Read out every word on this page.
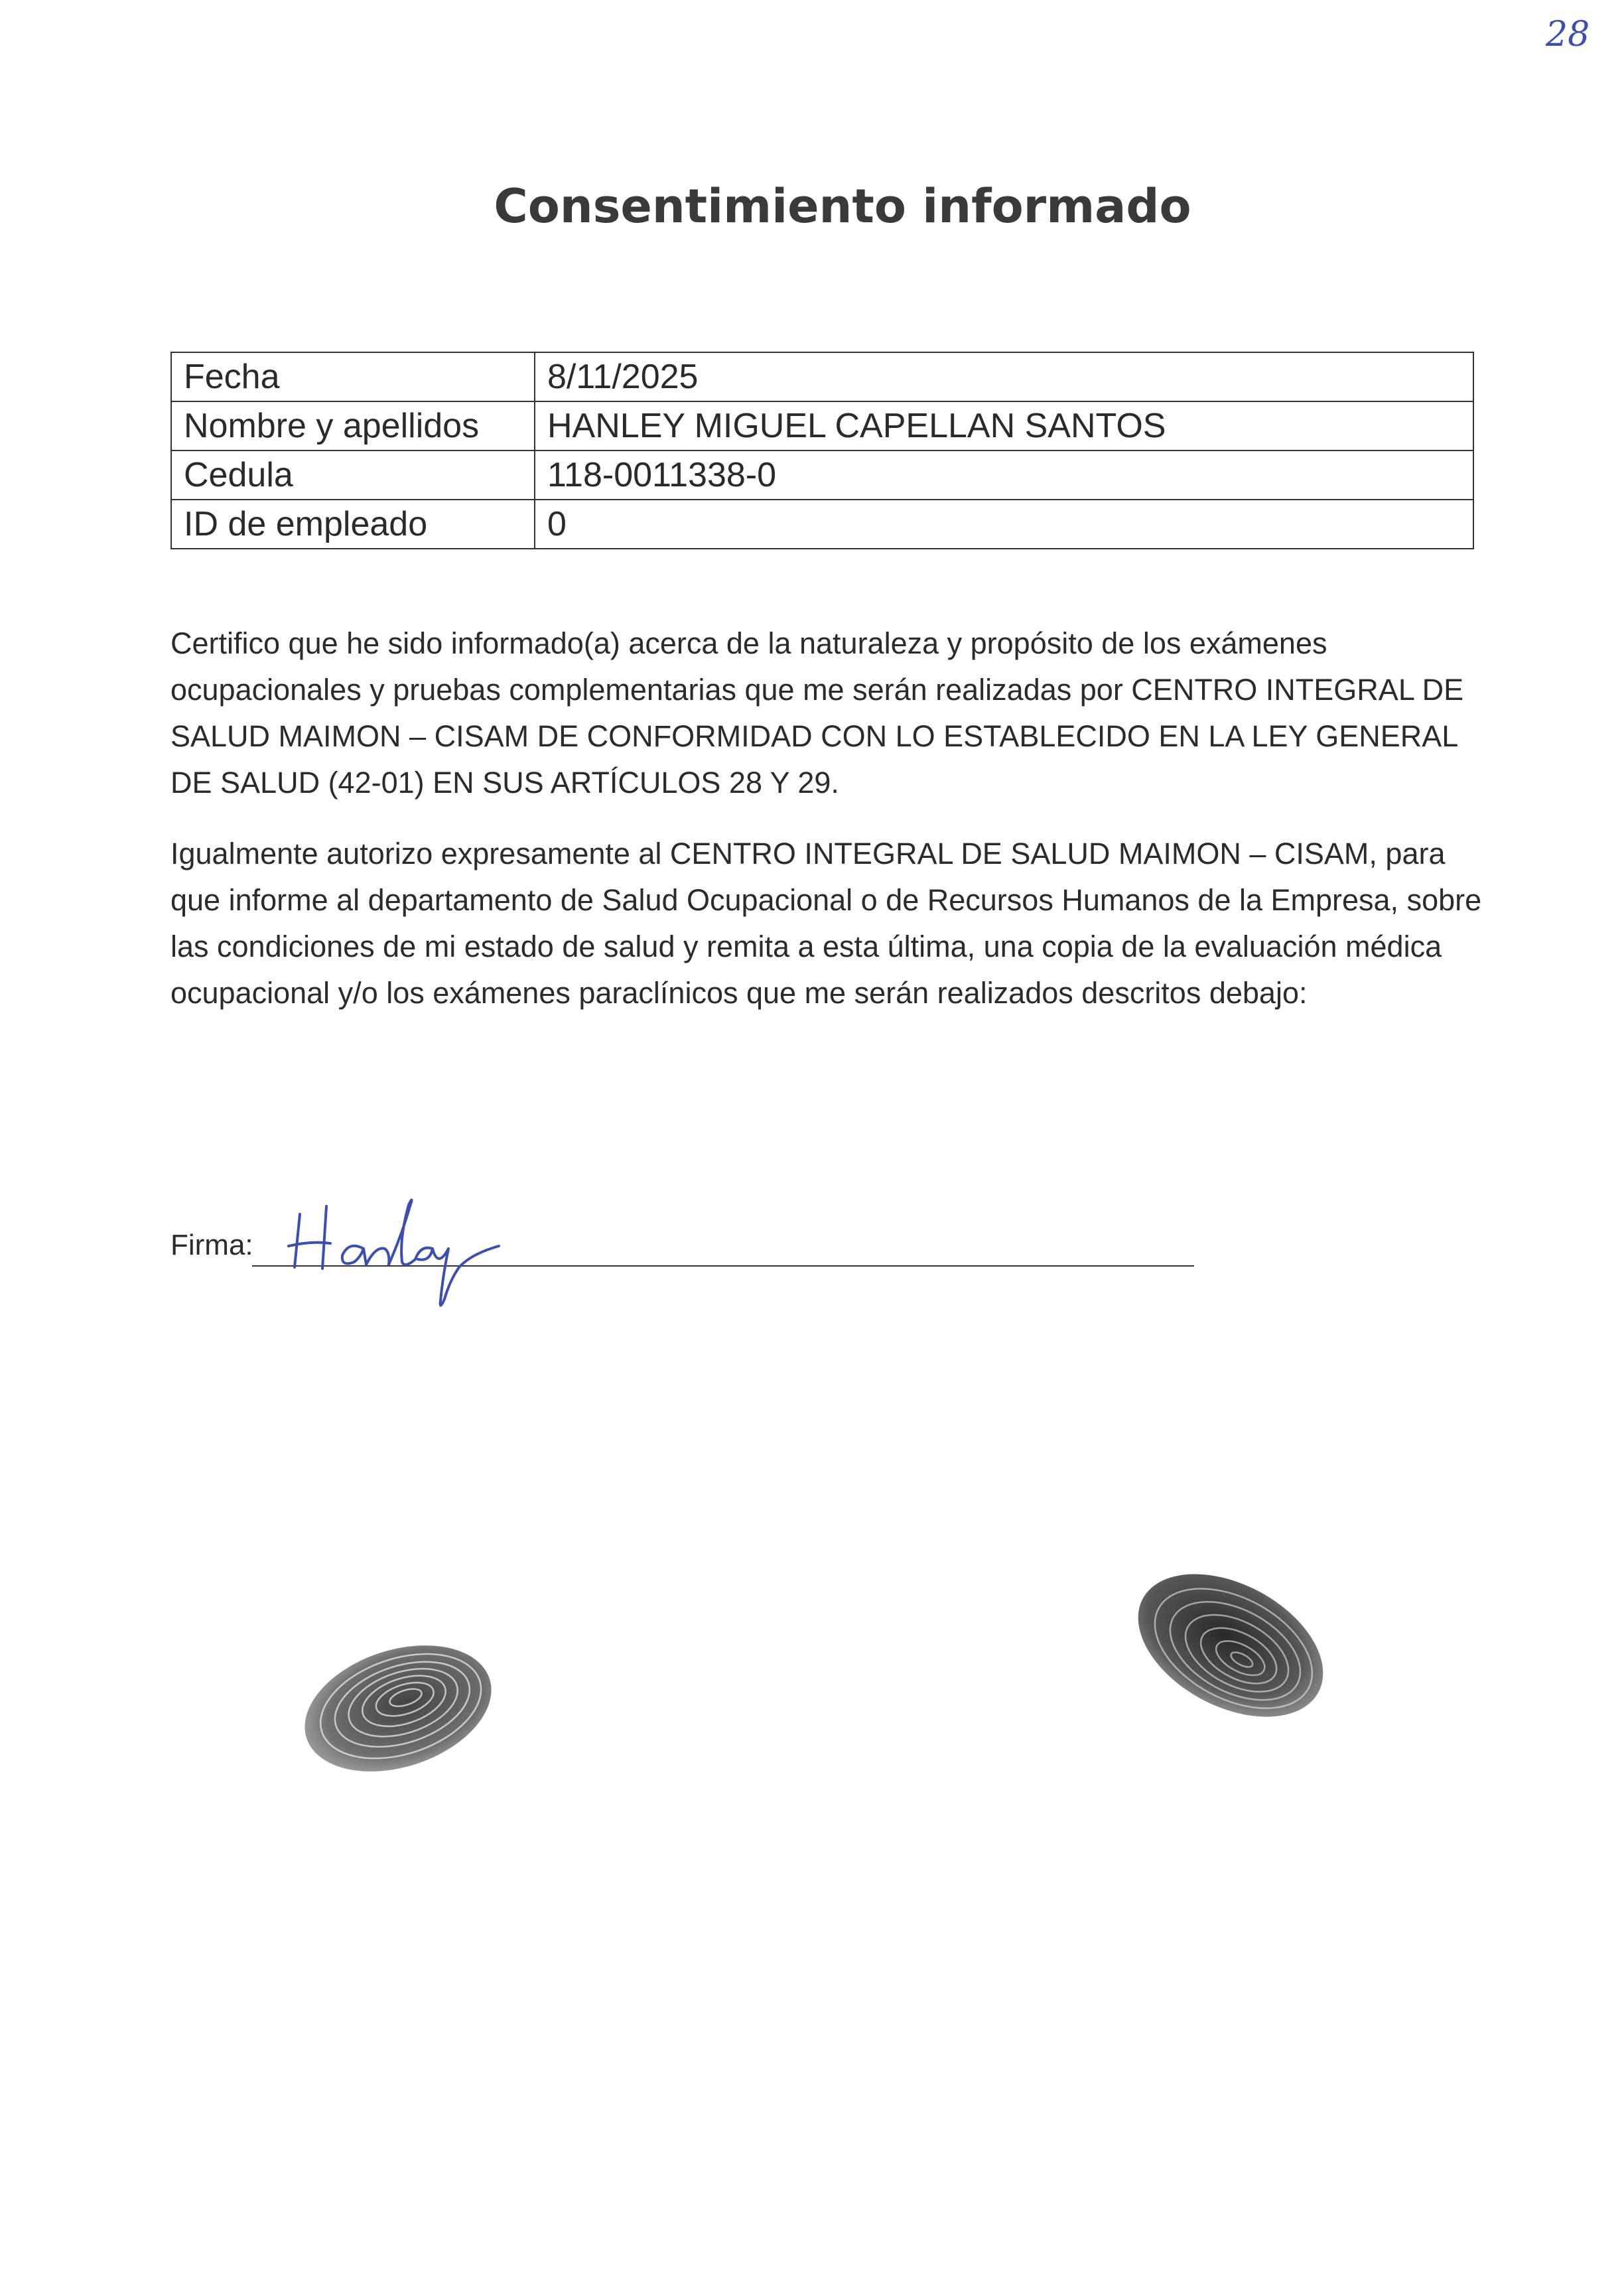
28
Consentimiento informado
Fecha	8/11/2025
Nombre y apellidos	HANLEY MIGUEL CAPELLAN SANTOS
Cedula	118-0011338-0
ID de empleado	0

Certifico que he sido informado(a) acerca de la naturaleza y propósito de los exámenes ocupacionales y pruebas complementarias que me serán realizadas por CENTRO INTEGRAL DE SALUD MAIMON – CISAM DE CONFORMIDAD CON LO ESTABLECIDO EN LA LEY GENERAL DE SALUD (42-01) EN SUS ARTÍCULOS 28 Y 29.

Igualmente autorizo expresamente al CENTRO INTEGRAL DE SALUD MAIMON – CISAM, para que informe al departamento de Salud Ocupacional o de Recursos Humanos de la Empresa, sobre las condiciones de mi estado de salud y remita a esta última, una copia de la evaluación médica ocupacional y/o los exámenes paraclínicos que me serán realizados descritos debajo:

Firma:
